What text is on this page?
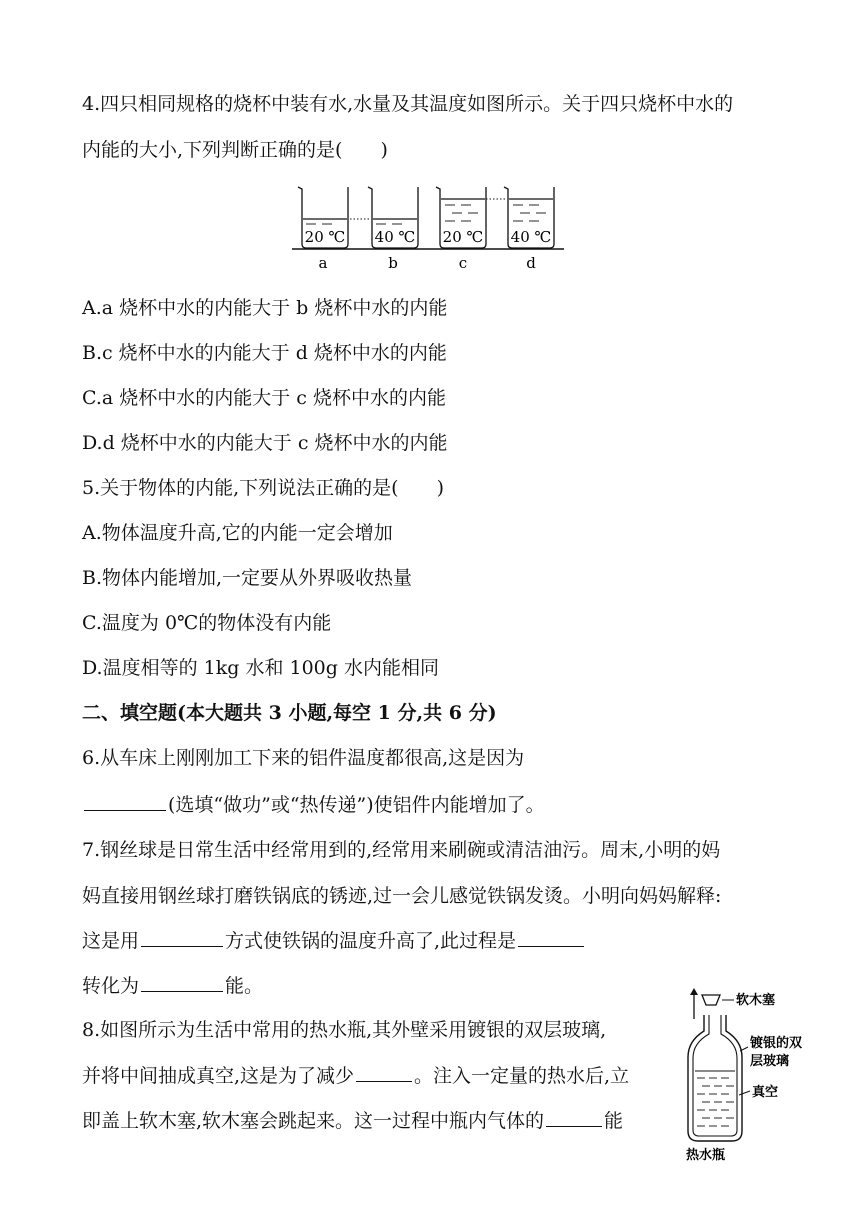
4.四只相同规格的烧杯中装有水,水量及其温度如图所示。关于四只烧杯中水的
内能的大小,下列判断正确的是(　　)
20 ℃
a
40 ℃
b
20 ℃
c
40 ℃
d
A.a 烧杯中水的内能大于 b 烧杯中水的内能
B.c 烧杯中水的内能大于 d 烧杯中水的内能
C.a 烧杯中水的内能大于 c 烧杯中水的内能
D.d 烧杯中水的内能大于 c 烧杯中水的内能
5.关于物体的内能,下列说法正确的是(　　)
A.物体温度升高,它的内能一定会增加
B.物体内能增加,一定要从外界吸收热量
C.温度为 0℃的物体没有内能
D.温度相等的 1kg 水和 100g 水内能相同
二、填空题(本大题共 3 小题,每空 1 分,共 6 分)
6.从车床上刚刚加工下来的铝件温度都很高,这是因为
(选填“做功”或“热传递”)使铝件内能增加了。
7.钢丝球是日常生活中经常用到的,经常用来刷碗或清洁油污。周末,小明的妈
妈直接用钢丝球打磨铁锅底的锈迹,过一会儿感觉铁锅发烫。小明向妈妈解释:
这是用	方式使铁锅的温度升高了,此过程是
转化为	能。
8.如图所示为生活中常用的热水瓶,其外壁采用镀银的双层玻璃,
并将中间抽成真空,这是为了减少	。注入一定量的热水后,立
即盖上软木塞,软木塞会跳起来。这一过程中瓶内气体的	能
软木塞
镀银的双
层玻璃
真空
热水瓶
